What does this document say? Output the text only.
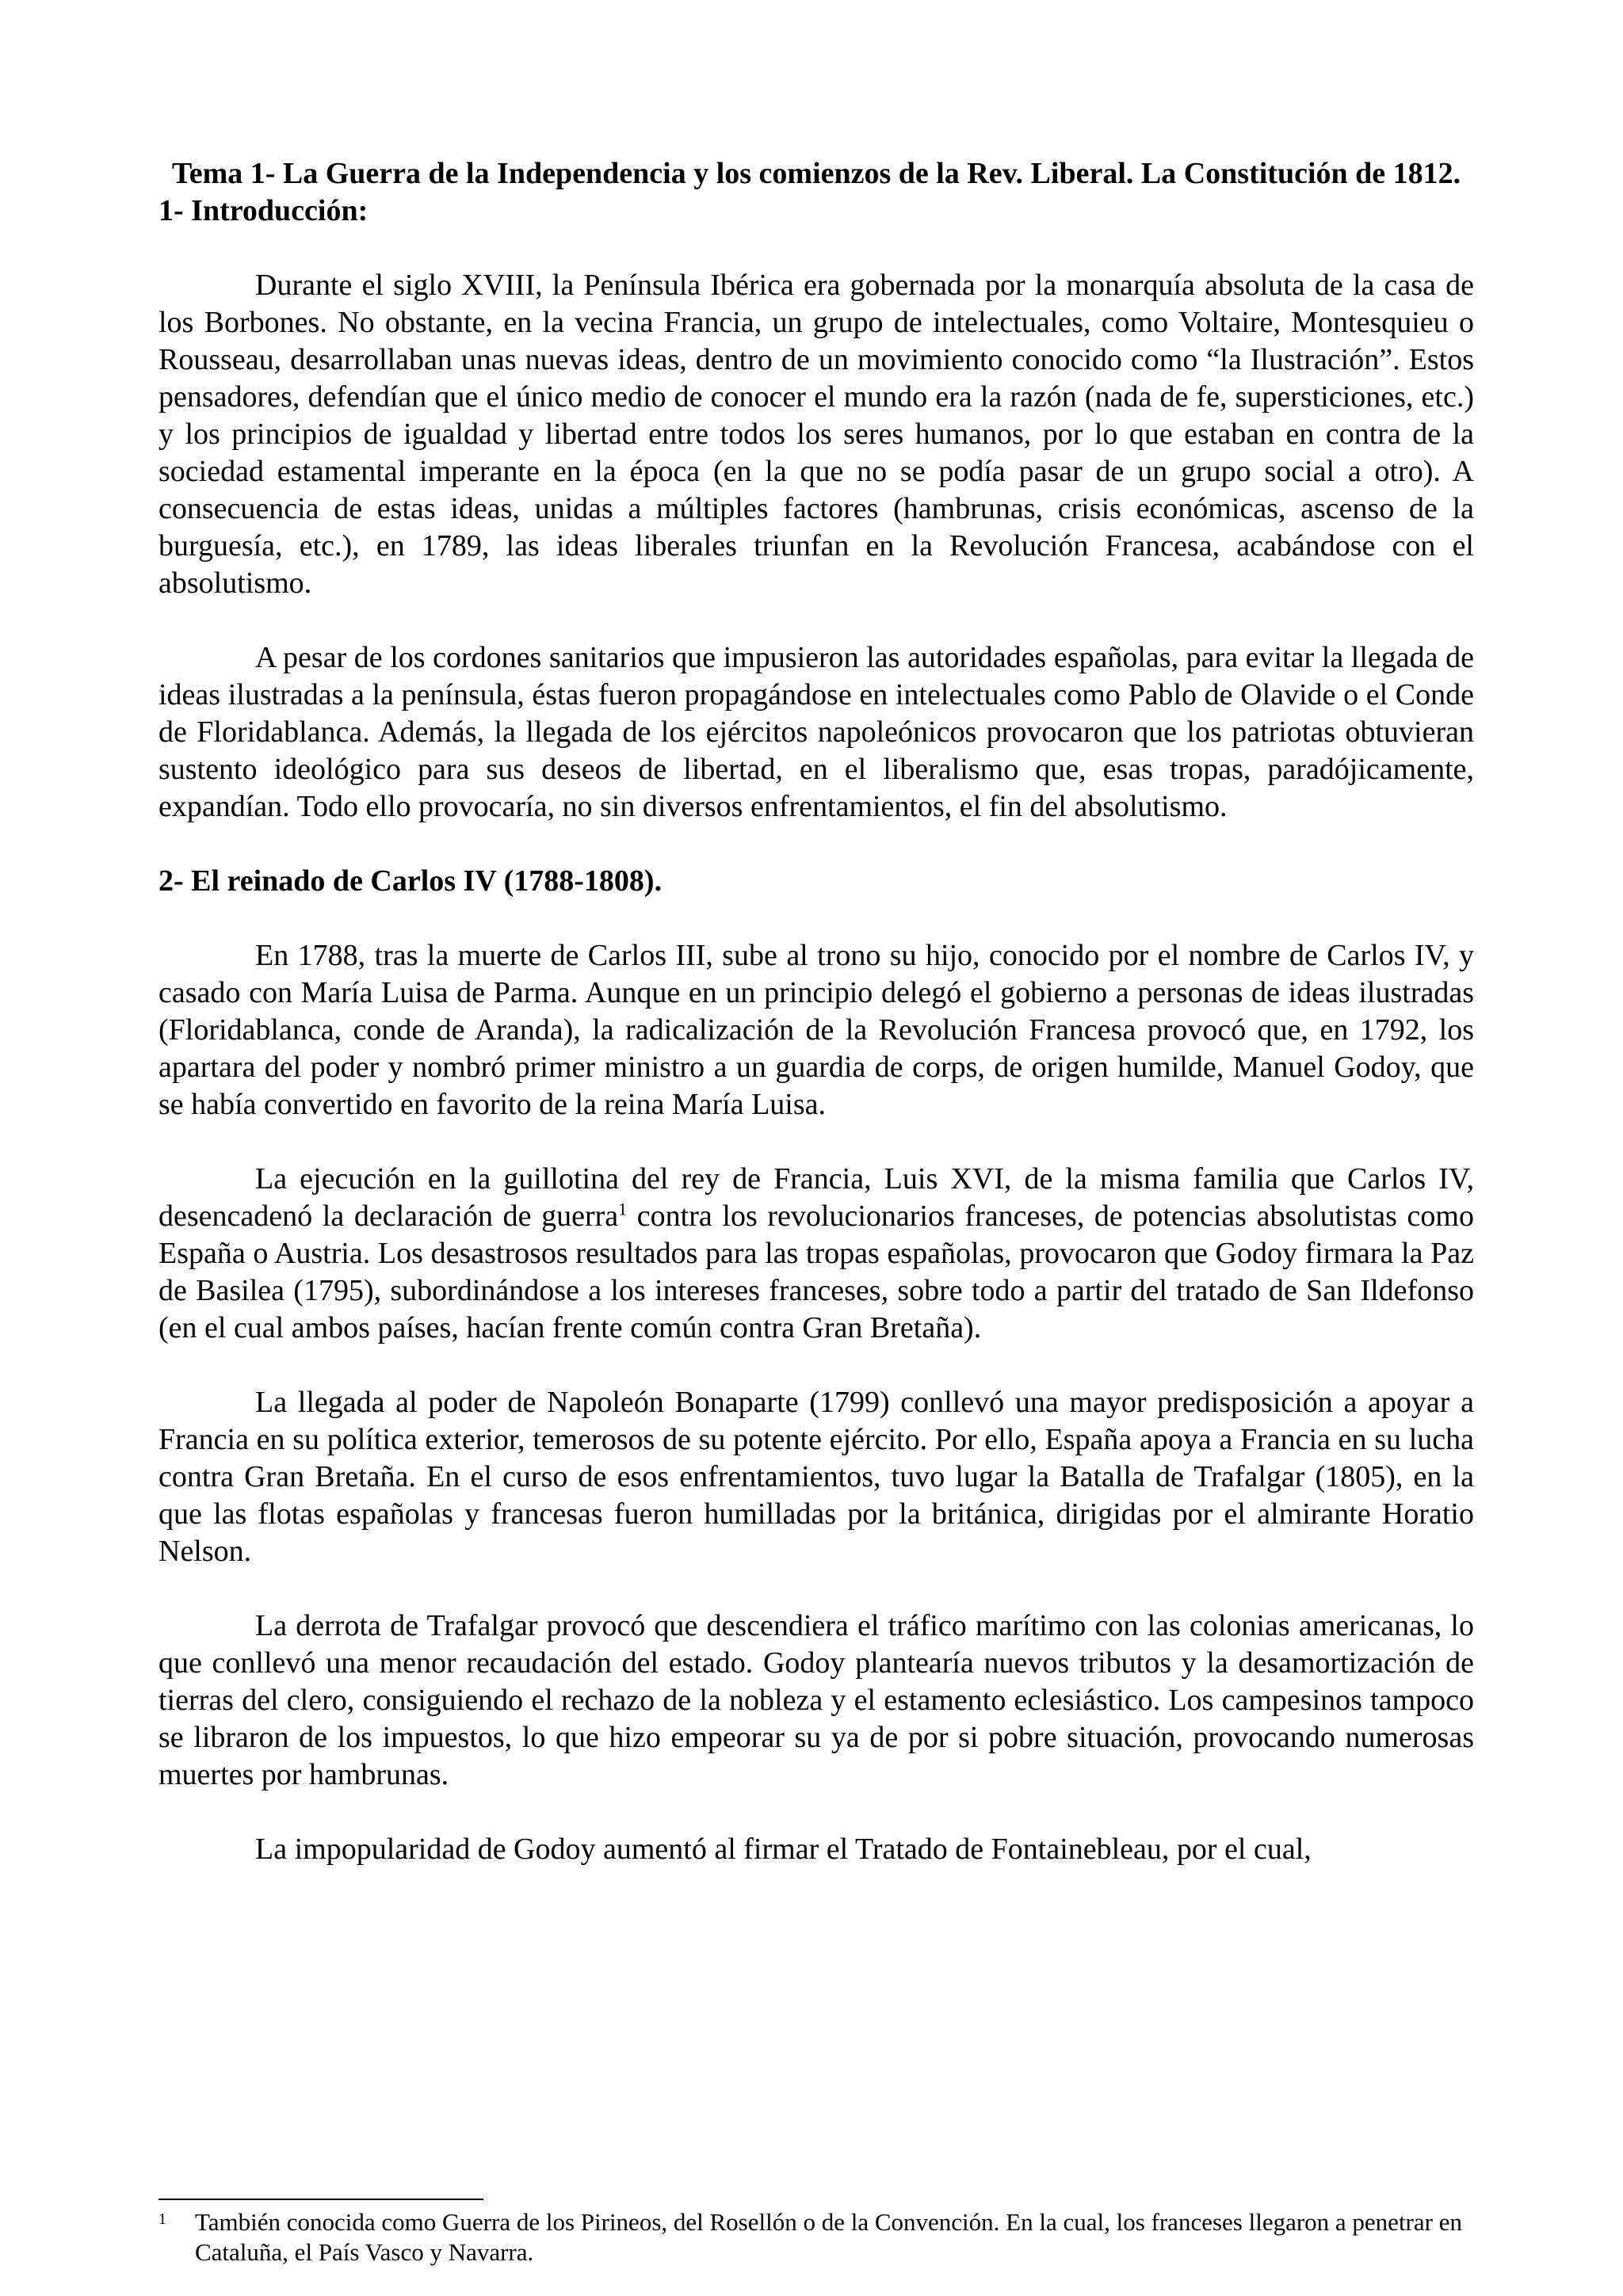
Tema 1- La Guerra de la Independencia y los comienzos de la Rev. Liberal. La Constitución de 1812.
1- Introducción:

Durante el siglo XVIII, la Península Ibérica era gobernada por la monarquía absoluta de la casa de los Borbones. No obstante, en la vecina Francia, un grupo de intelectuales, como Voltaire, Montesquieu o Rousseau, desarrollaban unas nuevas ideas, dentro de un movimiento conocido como “la Ilustración”. Estos pensadores, defendían que el único medio de conocer el mundo era la razón (nada de fe, supersticiones, etc.) y los principios de igualdad y libertad entre todos los seres humanos, por lo que estaban en contra de la sociedad estamental imperante en la época (en la que no se podía pasar de un grupo social a otro). A consecuencia de estas ideas, unidas a múltiples factores (hambrunas, crisis económicas, ascenso de la burguesía, etc.), en 1789, las ideas liberales triunfan en la Revolución Francesa, acabándose con el absolutismo.

A pesar de los cordones sanitarios que impusieron las autoridades españolas, para evitar la llegada de ideas ilustradas a la península, éstas fueron propagándose en intelectuales como Pablo de Olavide o el Conde de Floridablanca. Además, la llegada de los ejércitos napoleónicos provocaron que los patriotas obtuvieran sustento ideológico para sus deseos de libertad, en el liberalismo que, esas tropas, paradójicamente, expandían. Todo ello provocaría, no sin diversos enfrentamientos, el fin del absolutismo.

2- El reinado de Carlos IV (1788-1808).

En 1788, tras la muerte de Carlos III, sube al trono su hijo, conocido por el nombre de Carlos IV, y casado con María Luisa de Parma. Aunque en un principio delegó el gobierno a personas de ideas ilustradas (Floridablanca, conde de Aranda), la radicalización de la Revolución Francesa provocó que, en 1792, los apartara del poder y nombró primer ministro a un guardia de corps, de origen humilde, Manuel Godoy, que se había convertido en favorito de la reina María Luisa.

La ejecución en la guillotina del rey de Francia, Luis XVI, de la misma familia que Carlos IV, desencadenó la declaración de guerra$^1$ contra los revolucionarios franceses, de potencias absolutistas como España o Austria. Los desastrosos resultados para las tropas españolas, provocaron que Godoy firmara la Paz de Basilea (1795), subordinándose a los intereses franceses, sobre todo a partir del tratado de San Ildefonso (en el cual ambos países, hacían frente común contra Gran Bretaña).

La llegada al poder de Napoleón Bonaparte (1799) conllevó una mayor predisposición a apoyar a Francia en su política exterior, temerosos de su potente ejército. Por ello, España apoya a Francia en su lucha contra Gran Bretaña. En el curso de esos enfrentamientos, tuvo lugar la Batalla de Trafalgar (1805), en la que las flotas españolas y francesas fueron humilladas por la británica, dirigidas por el almirante Horatio Nelson.

La derrota de Trafalgar provocó que descendiera el tráfico marítimo con las colonias americanas, lo que conllevó una menor recaudación del estado. Godoy plantearía nuevos tributos y la desamortización de tierras del clero, consiguiendo el rechazo de la nobleza y el estamento eclesiástico. Los campesinos tampoco se libraron de los impuestos, lo que hizo empeorar su ya de por si pobre situación, provocando numerosas muertes por hambrunas.

La impopularidad de Godoy aumentó al firmar el Tratado de Fontainebleau, por el cual,

1 También conocida como Guerra de los Pirineos, del Rosellón o de la Convención. En la cual, los franceses llegaron a penetrar en Cataluña, el País Vasco y Navarra.
